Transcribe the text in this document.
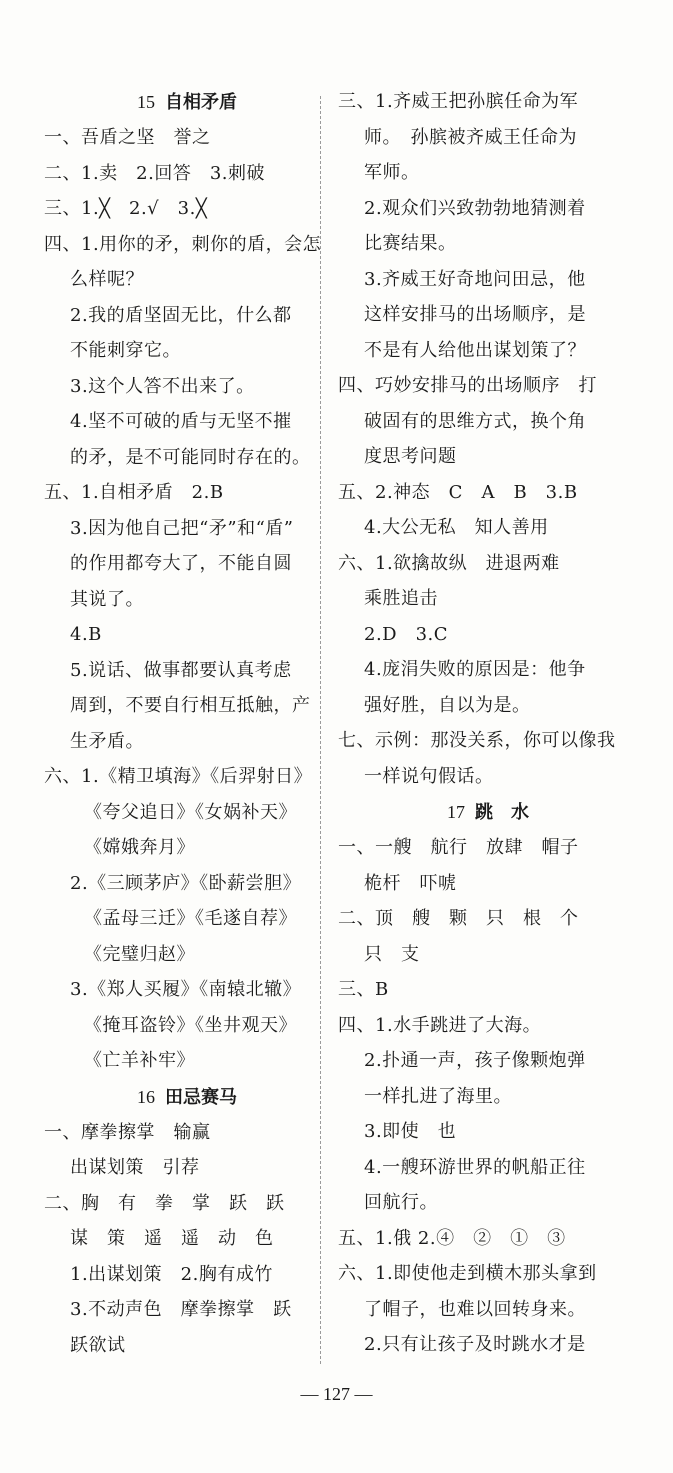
15 自相矛盾
一、吾盾之坚　誉之
二、1.卖　2.回答　3.刺破
三、1.╳　2.√　3.╳
四、1.用你的矛，刺你的盾，会怎
么样呢？
2.我的盾坚固无比，什么都
不能刺穿它。
3.这个人答不出来了。
4.坚不可破的盾与无坚不摧
的矛，是不可能同时存在的。
五、1.自相矛盾　2.B
3.因为他自己把“矛”和“盾”
的作用都夸大了，不能自圆
其说了。
4.B
5.说话、做事都要认真考虑
周到，不要自行相互抵触，产
生矛盾。
六、1.《精卫填海》《后羿射日》
《夸父追日》《女娲补天》
《嫦娥奔月》
2.《三顾茅庐》《卧薪尝胆》
《孟母三迁》《毛遂自荐》
《完璧归赵》
3.《郑人买履》《南辕北辙》
《掩耳盗铃》《坐井观天》
《亡羊补牢》
16 田忌赛马
一、摩拳擦掌　输赢
出谋划策　引荐
二、胸　有　拳　掌　跃　跃
谋　策　遥　遥　动　色
1.出谋划策　2.胸有成竹
3.不动声色　摩拳擦掌　跃
跃欲试
三、1.齐威王把孙膑任命为军
师。　孙膑被齐威王任命为
军师。
2.观众们兴致勃勃地猜测着
比赛结果。
3.齐威王好奇地问田忌，他
这样安排马的出场顺序，是
不是有人给他出谋划策了？
四、巧妙安排马的出场顺序　打
破固有的思维方式，换个角
度思考问题
五、2.神态　C　A　B　3.B
4.大公无私　知人善用
六、1.欲擒故纵　进退两难
乘胜追击
2.D　3.C
4.庞涓失败的原因是：他争
强好胜，自以为是。
七、示例：那没关系，你可以像我
一样说句假话。
17 跳　水
一、一艘　航行　放肆　帽子
桅杆　吓唬
二、顶　艘　颗　只　根　个
只　支
三、B
四、1.水手跳进了大海。
2.扑通一声，孩子像颗炮弹
一样扎进了海里。
3.即使　也
4.一艘环游世界的帆船正往
回航行。
五、1.俄 2.④　②　①　③
六、1.即使他走到横木那头拿到
了帽子，也难以回转身来。
2.只有让孩子及时跳水才是
— 127 —
